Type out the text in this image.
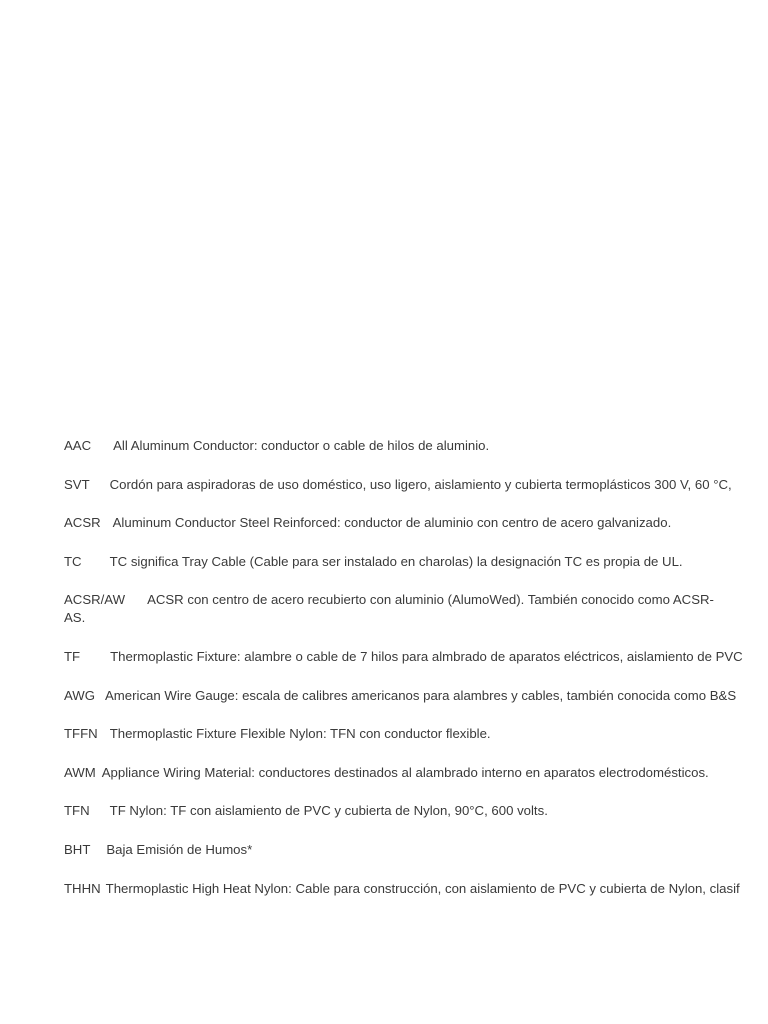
AAC All Aluminum Conductor: conductor o cable de hilos de aluminio.
SVT Cordón para aspiradoras de uso doméstico, uso ligero, aislamiento y cubierta termoplásticos 300 V, 60 °C,
ACSR Aluminum Conductor Steel Reinforced: conductor de aluminio con centro de acero galvanizado.
TC TC significa Tray Cable (Cable para ser instalado en charolas) la designación TC es propia de UL.
ACSR/AW ACSR con centro de acero recubierto con aluminio (AlumoWed). También conocido como ACSR-AS.
TF Thermoplastic Fixture: alambre o cable de 7 hilos para almbrado de aparatos eléctricos, aislamiento de PVC
AWG American Wire Gauge: escala de calibres americanos para alambres y cables, también conocida como B&S
TFFN Thermoplastic Fixture Flexible Nylon: TFN con conductor flexible.
AWM Appliance Wiring Material: conductores destinados al alambrado interno en aparatos electrodomésticos.
TFN TF Nylon: TF con aislamiento de PVC y cubierta de Nylon, 90°C, 600 volts.
BHT Baja Emisión de Humos*
THHN Thermoplastic High Heat Nylon: Cable para construcción, con aislamiento de PVC y cubierta de Nylon, clasif
